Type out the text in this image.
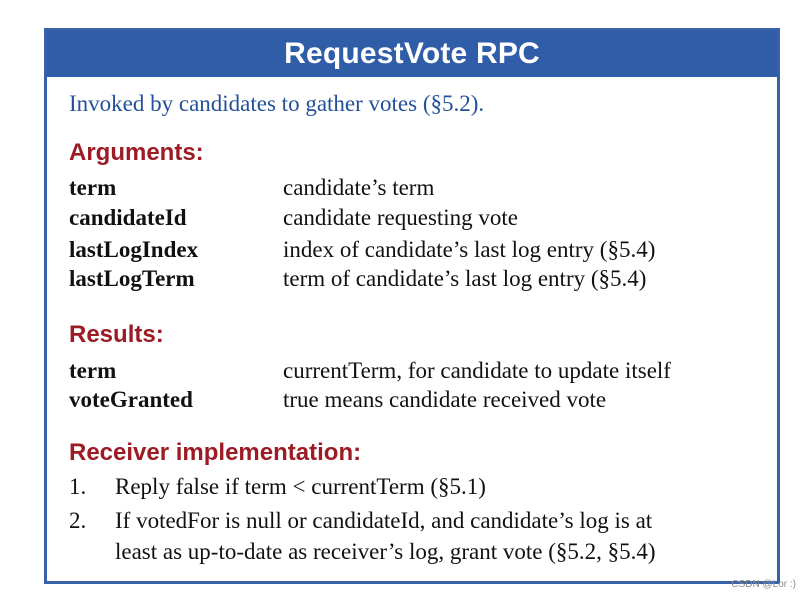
RequestVote RPC
Invoked by candidates to gather votes (§5.2).
Arguments:
term	candidate’s term
candidateId	candidate requesting vote
lastLogIndex	index of candidate’s last log entry (§5.4)
lastLogTerm	term of candidate’s last log entry (§5.4)
Results:
term	currentTerm, for candidate to update itself
voteGranted	true means candidate received vote
Receiver implementation:
1. Reply false if term < currentTerm (§5.1)
2. If votedFor is null or candidateId, and candidate’s log is at
least as up-to-date as receiver’s log, grant vote (§5.2, §5.4)
CSDN @Lor :)
